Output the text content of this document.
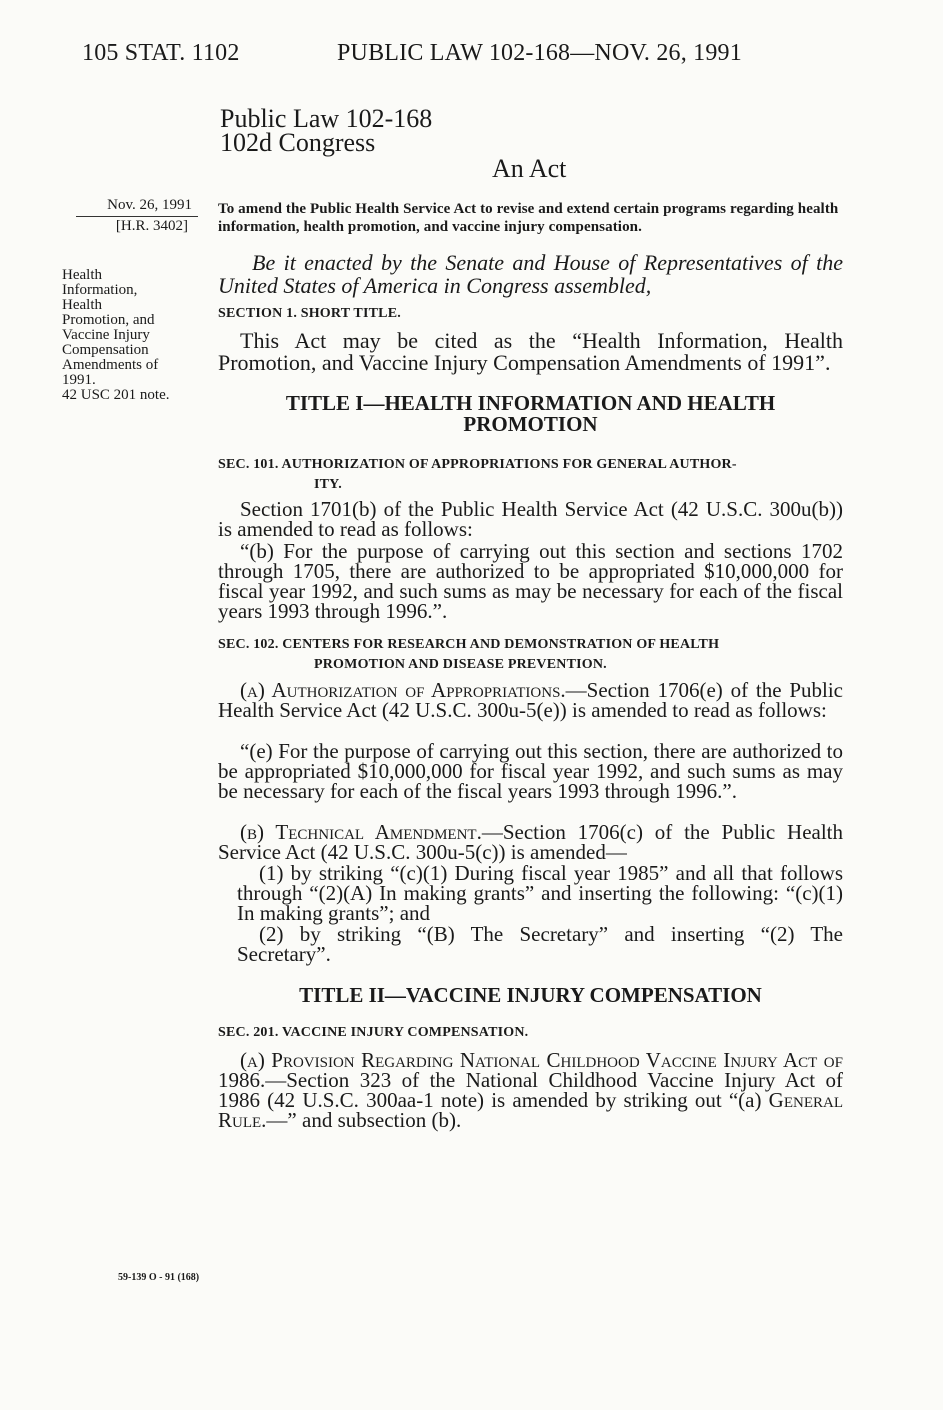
105 STAT. 1102	PUBLIC LAW 102-168—NOV. 26, 1991
Public Law 102-168
102d Congress
An Act
Nov. 26, 1991
[H.R. 3402]
Health
Information,
Health
Promotion, and
Vaccine Injury
Compensation
Amendments of
1991.
42 USC 201 note.
To amend the Public Health Service Act to revise and extend certain programs regarding health information, health promotion, and vaccine injury compensation.
Be it enacted by the Senate and House of Representatives of the United States of America in Congress assembled,
SECTION 1. SHORT TITLE.
This Act may be cited as the “Health Information, Health Promotion, and Vaccine Injury Compensation Amendments of 1991”.
TITLE I—HEALTH INFORMATION AND HEALTH
PROMOTION
SEC. 101. AUTHORIZATION OF APPROPRIATIONS FOR GENERAL AUTHOR-
ITY.
Section 1701(b) of the Public Health Service Act (42 U.S.C. 300u(b)) is amended to read as follows:
“(b) For the purpose of carrying out this section and sections 1702 through 1705, there are authorized to be appropriated $10,000,000 for fiscal year 1992, and such sums as may be necessary for each of the fiscal years 1993 through 1996.”.
SEC. 102. CENTERS FOR RESEARCH AND DEMONSTRATION OF HEALTH
PROMOTION AND DISEASE PREVENTION.
(a) Authorization of Appropriations.—Section 1706(e) of the Public Health Service Act (42 U.S.C. 300u-5(e)) is amended to read as follows:
“(e) For the purpose of carrying out this section, there are authorized to be appropriated $10,000,000 for fiscal year 1992, and such sums as may be necessary for each of the fiscal years 1993 through 1996.”.
(b) Technical Amendment.—Section 1706(c) of the Public Health Service Act (42 U.S.C. 300u-5(c)) is amended—
(1) by striking “(c)(1) During fiscal year 1985” and all that follows through “(2)(A) In making grants” and inserting the following: “(c)(1) In making grants”; and
(2) by striking “(B) The Secretary” and inserting “(2) The Secretary”.
TITLE II—VACCINE INJURY COMPENSATION
SEC. 201. VACCINE INJURY COMPENSATION.
(a) Provision Regarding National Childhood Vaccine Injury Act of 1986.—Section 323 of the National Childhood Vaccine Injury Act of 1986 (42 U.S.C. 300aa-1 note) is amended by striking out “(a) General Rule.—” and subsection (b).
59-139 O - 91 (168)
